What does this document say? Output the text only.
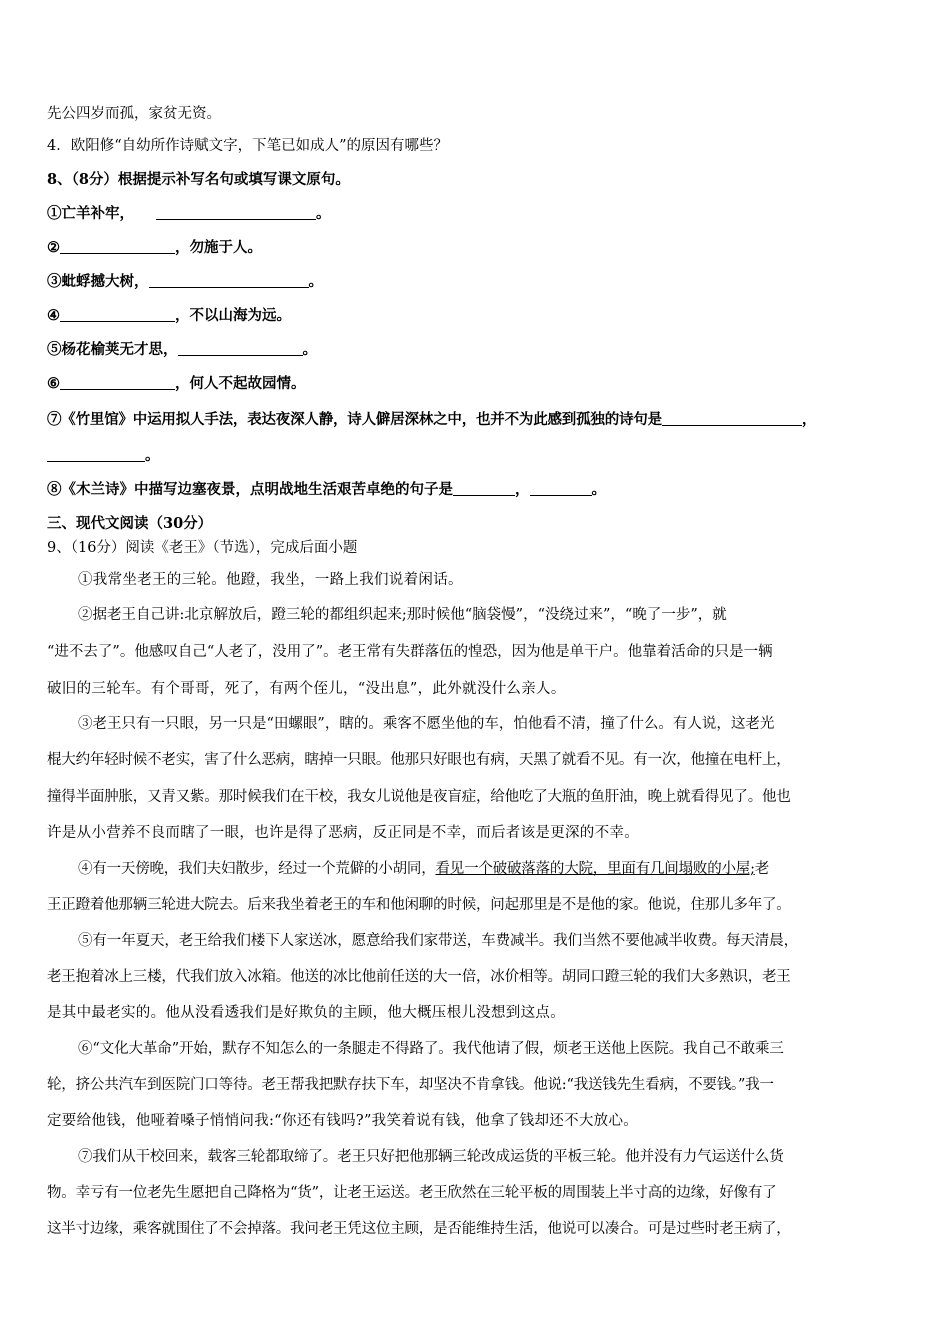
先公四岁而孤，家贫无资。
4．欧阳修“自幼所作诗赋文字，下笔已如成人”的原因有哪些？
8、（8分）根据提示补写名句或填写课文原句。
①亡羊补牢，	。
②	，勿施于人。
③蚍蜉撼大树，	。
④	，不以山海为远。
⑤杨花榆荚无才思，	。
⑥	，何人不起故园情。
⑦《竹里馆》中运用拟人手法，表达夜深人静，诗人僻居深林之中，也并不为此感到孤独的诗句是	，
。
⑧《木兰诗》中描写边塞夜景，点明战地生活艰苦卓绝的句子是	，	。
三、现代文阅读（30分）
9、（16分）阅读《老王》（节选），完成后面小题
①我常坐老王的三轮。他蹬，我坐，一路上我们说着闲话。
②据老王自己讲:北京解放后，蹬三轮的都组织起来;那时候他“脑袋慢”，“没绕过来”，“晚了一步”，就
“进不去了”。他感叹自己“人老了，没用了”。老王常有失群落伍的惶恐，因为他是单干户。他靠着活命的只是一辆
破旧的三轮车。有个哥哥，死了，有两个侄儿，“没出息”，此外就没什么亲人。
③老王只有一只眼，另一只是“田螺眼”，瞎的。乘客不愿坐他的车，怕他看不清，撞了什么。有人说，这老光
棍大约年轻时候不老实，害了什么恶病，瞎掉一只眼。他那只好眼也有病，天黑了就看不见。有一次，他撞在电杆上，
撞得半面肿胀，又青又紫。那时候我们在干校，我女儿说他是夜盲症，给他吃了大瓶的鱼肝油，晚上就看得见了。他也
许是从小营养不良而瞎了一眼，也许是得了恶病，反正同是不幸，而后者该是更深的不幸。
④有一天傍晚，我们夫妇散步，经过一个荒僻的小胡同，看见一个破破落落的大院，里面有几间塌败的小屋;老
王正蹬着他那辆三轮进大院去。后来我坐着老王的车和他闲聊的时候，问起那里是不是他的家。他说，住那儿多年了。
⑤有一年夏天，老王给我们楼下人家送冰，愿意给我们家带送，车费减半。我们当然不要他减半收费。每天清晨，
老王抱着冰上三楼，代我们放入冰箱。他送的冰比他前任送的大一倍，冰价相等。胡同口蹬三轮的我们大多熟识，老王
是其中最老实的。他从没看透我们是好欺负的主顾，他大概压根儿没想到这点。
⑥“文化大革命”开始，默存不知怎么的一条腿走不得路了。我代他请了假，烦老王送他上医院。我自己不敢乘三
轮，挤公共汽车到医院门口等待。老王帮我把默存扶下车，却坚决不肯拿钱。他说:“我送钱先生看病，不要钱。”我一
定要给他钱，他哑着嗓子悄悄问我:“你还有钱吗?”我笑着说有钱，他拿了钱却还不大放心。
⑦我们从干校回来，载客三轮都取缔了。老王只好把他那辆三轮改成运货的平板三轮。他并没有力气运送什么货
物。幸亏有一位老先生愿把自己降格为“货”，让老王运送。老王欣然在三轮平板的周围装上半寸高的边缘，好像有了
这半寸边缘，乘客就围住了不会掉落。我问老王凭这位主顾，是否能维持生活，他说可以凑合。可是过些时老王病了，
